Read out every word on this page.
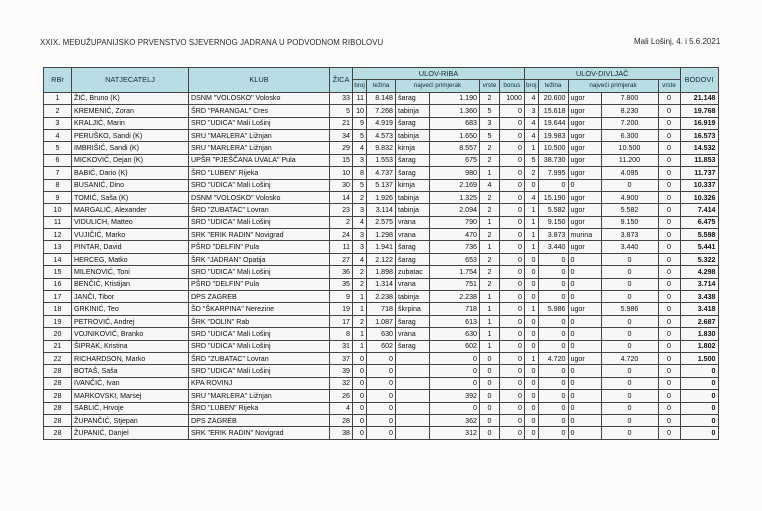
XXIX. MEĐUŽUPANIJSKO PRVENSTVO SJEVERNOG JADRANA U PODVODNOM RIBOLOVU	Mali Lošinj, 4. i 5.6.2021
RBr	NATJECATELJ	KLUB	ŽICA	ULOV-RIBA						ULOV-DIVLJAČ					BODOVI
				broj	težina	najveći primjerak		vrste	bonus	broj	težina	najveći primjerak		vrste	
1	ŽIĆ, Bruno (K)	DSNM "VOLOSKO" Volosko	33	11	8.148	šarag	1.190	2	1000	4	20.600	ugor	7.800	0	21.148
2	KREMENIĆ, Zoran	ŠRD "PARANGAL" Cres	5	10	7.268	tabinja	1.360	5	0	3	15.618	ugor	8.230	0	19.768
3	KRALJIĆ, Marin	SRD "UDICA" Mali Lošinj	21	9	4.919	šarag	683	3	0	4	19.644	ugor	7.200	0	16.919
4	PERUŠKO, Sandi (K)	SRU "MARLERA" Ližnjan	34	5	4.573	tabinja	1.650	5	0	4	19.983	ugor	6.300	0	16.573
5	IMBRIŠIĆ, Sandi (K)	SRU "MARLERA" Ližnjan	29	4	9.832	kirnja	8.557	2	0	1	10.500	ugor	10.500	0	14.532
6	MICKOVIĆ, Dejan (K)	UPŠR "PJEŠČANA UVALA" Pula	15	3	1.553	šarag	675	2	0	5	38.730	ugor	11.200	0	11.853
7	BABIĆ, Dario (K)	ŠRD "LUBEN" Rijeka	10	8	4.737	šarag	980	1	0	2	7.995	ugor	4.095	0	11.737
8	BUSANIĆ, Dino	SRD "UDICA" Mali Lošinj	30	5	5.137	kirnja	2.169	4	0	0	0	0	0	0	10.337
9	TOMIĆ, Saša (K)	DSNM "VOLOSKO" Volosko	14	2	1.926	tabinja	1.325	2	0	4	15.190	ugor	4.900	0	10.326
10	MARGALIĆ, Alexander	ŠRD "ZUBATAC" Lovran	23	3	3.114	tabinja	2.094	2	0	1	5.582	ugor	5.582	0	7.414
11	VIDULICH, Matteo	SRD "UDICA" Mali Lošinj	2	4	2.575	vrana	790	1	0	1	9.150	ugor	9.150	0	6.475
12	VUJIČIĆ, Marko	SRK "ERIK RADIN" Novigrad	24	3	1.298	vrana	470	2	0	1	3.873	murina	3.873	0	5.598
13	PINTAR, David	PŠRD "DELFIN" Pula	11	3	1.941	šarag	736	1	0	1	3.440	ugor	3.440	0	5.441
14	HERCEG, Matko	ŠRK "JADRAN" Opatija	27	4	2.122	šarag	653	2	0	0	0	0	0	0	5.322
15	MILENOVIĆ, Toni	SRD "UDICA" Mali Lošinj	36	2	1.898	zubatac	1.754	2	0	0	0	0	0	0	4.298
16	BENČIĆ, Kristijan	PŠRD "DELFIN" Pula	35	2	1.314	vrana	751	2	0	0	0	0	0	0	3.714
17	JANČI, Tibor	DPS ZAGREB	9	1	2.238	tabinja	2.238	1	0	0	0	0	0	0	3.438
18	GRKINIĆ, Teo	ŠD "ŠKARPINA" Nerezine	19	1	718	škrpina	718	1	0	1	5.986	ugor	5.986	0	3.418
19	PETROVIĆ, Andrej	ŠRK "DOLIN" Rab	17	2	1.087	šarag	613	1	0	0	0	0	0	0	2.687
20	VOJNIKOVIĆ, Branko	SRD "UDICA" Mali Lošinj	8	1	630	vrana	630	1	0	0	0	0	0	0	1.830
21	ŠIPRAK, Kristina	SRD "UDICA" Mali Lošinj	31	1	602	šarag	602	1	0	0	0	0	0	0	1.802
22	RICHARDSON, Marko	ŠRD "ZUBATAC" Lovran	37	0	0		0	0	0	1	4.720	ugor	4.720	0	1.500
28	BOTAŠ, Saša	SRD "UDICA" Mali Lošinj	39	0	0		0	0	0	0	0	0	0	0	0
28	IVANČIĆ, Ivan	KPA ROVINJ	32	0	0		0	0	0	0	0	0	0	0	0
28	MARKOVSKI, Marsej	SRU "MARLERA" Ližnjan	26	0	0		392	0	0	0	0	0	0	0	0
28	SABLIĆ, Hrvoje	ŠRD "LUBEN" Rijeka	4	0	0		0	0	0	0	0	0	0	0	0
28	ŽUPANČIĆ, Stjepan	DPS ZAGREB	28	0	0		362	0	0	0	0	0	0	0	0
28	ŽUPANIĆ, Danjel	SRK "ERIK RADIN" Novigrad	38	0	0		312	0	0	0	0	0	0	0	0
